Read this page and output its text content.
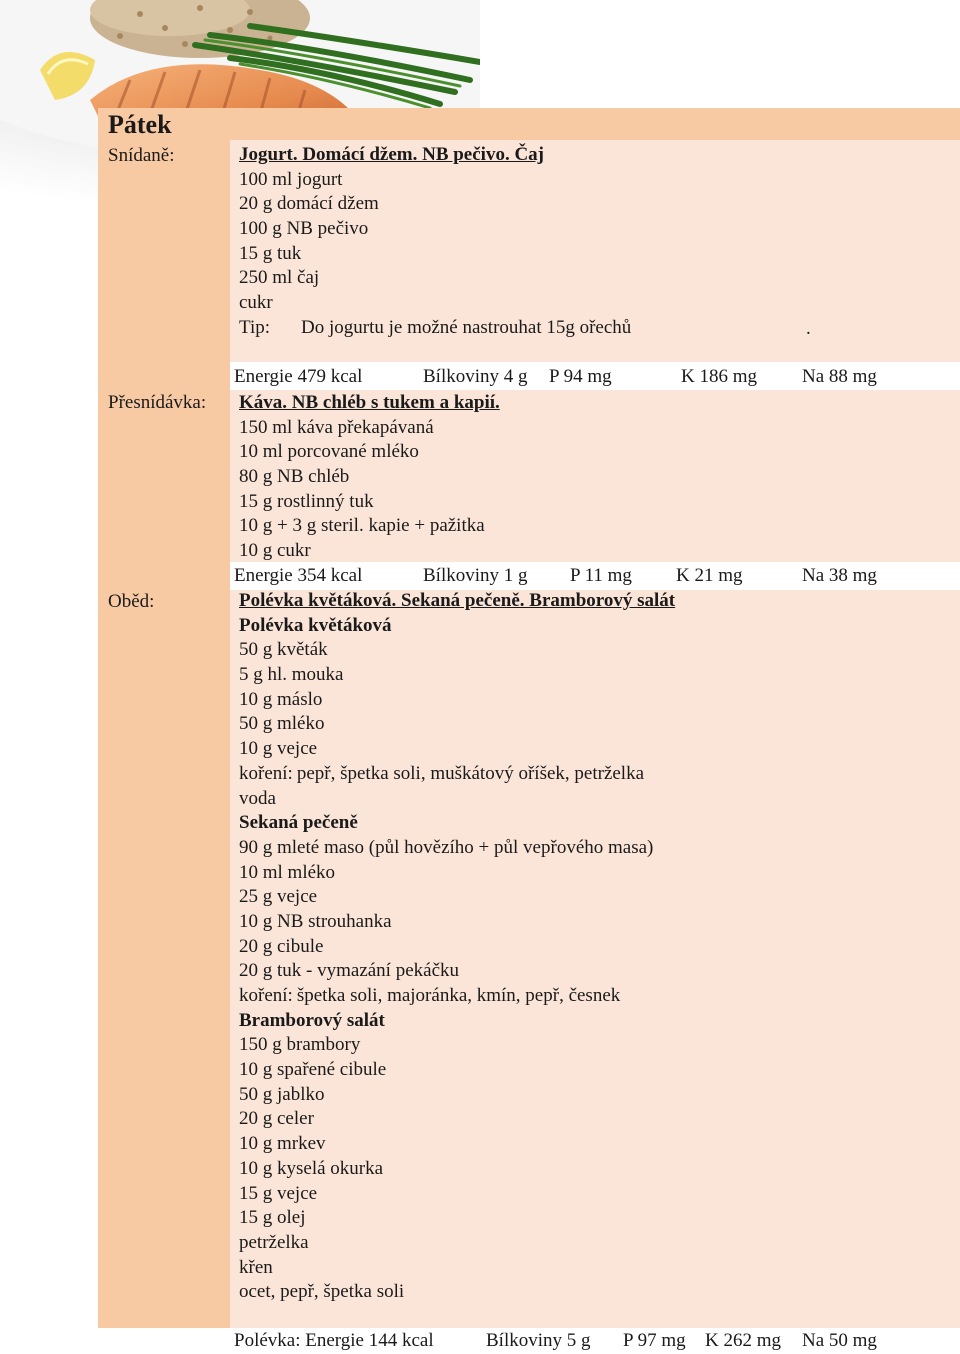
Pátek
Snídaně:	Jogurt. Domácí džem. NB pečivo. Čaj
100 ml jogurt
20 g domácí džem
100 g NB pečivo
15 g tuk
250 ml čaj
cukr
Tip: Do jogurtu je možné nastrouhat 15g ořechů	.
Energie 479 kcal	Bílkoviny 4 g P 94 mg	K 186 mg Na 88 mg
Přesnídávka: Káva. NB chléb s tukem a kapií.
150 ml káva překapávaná
10 ml porcované mléko
80 g NB chléb
15 g rostlinný tuk
10 g + 3 g steril. kapie + pažitka
10 g cukr
Energie 354 kcal	Bílkoviny 1 g P 11 mg K 21 mg	Na 38 mg
Oběd:	Polévka květáková. Sekaná pečeně. Bramborový salát
Polévka květáková
50 g květák
5 g hl. mouka
10 g máslo
50 g mléko
10 g vejce
koření: pepř, špetka soli, muškátový oříšek, petrželka
voda
Sekaná pečeně
90 g mleté maso (půl hovězího + půl vepřového masa)
10 ml mléko
25 g vejce
10 g NB strouhanka
20 g cibule
20 g tuk - vymazání pekáčku
koření: špetka soli, majoránka, kmín, pepř, česnek
Bramborový salát
150 g brambory
10 g spařené cibule
50 g jablko
20 g celer
10 g mrkev
10 g kyselá okurka
15 g vejce
15 g olej
petrželka
křen
ocet, pepř, špetka soli
Polévka: Energie 144 kcal	Bílkoviny 5 g P 97 mg K 262 mg Na 50 mg
